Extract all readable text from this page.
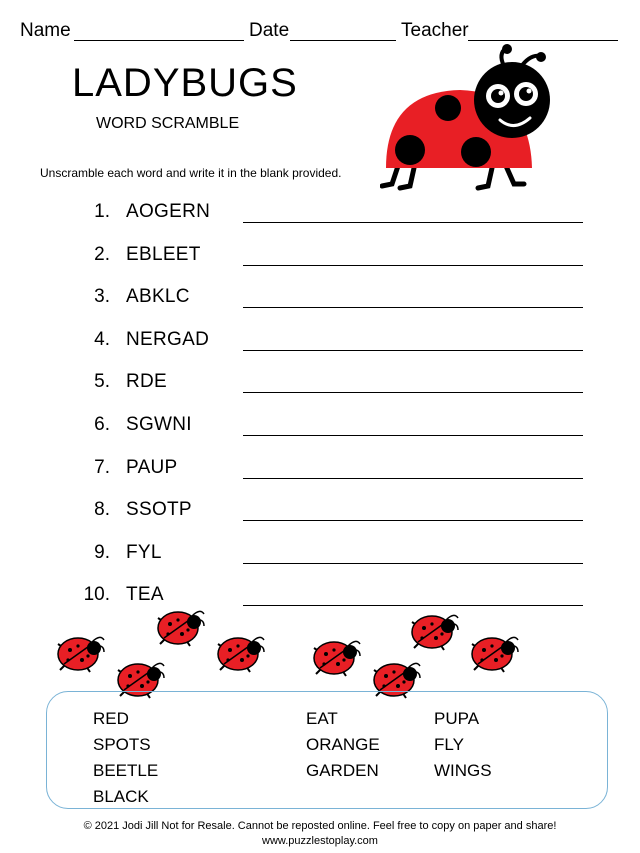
Name	Date	Teacher
LADYBUGS
WORD SCRAMBLE
Unscramble each word and write it in the blank provided.
1. AOGERN
2. EBLEET
3. ABKLC
4. NERGAD
5. RDE
6. SGWNI
7. PAUP
8. SSOTP
9. FYL
10. TEA
RED
SPOTS
BEETLE
BLACK
EAT
ORANGE
GARDEN
PUPA
FLY
WINGS
© 2021 Jodi Jill Not for Resale. Cannot be reposted online. Feel free to copy on paper and share!
www.puzzlestoplay.com
